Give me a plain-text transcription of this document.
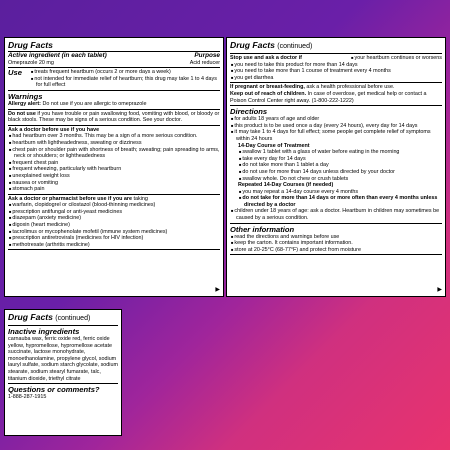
Drug Facts
Active ingredient (in each tablet)	Purpose
Omeprazole 20 mg	Acid reducer
Use	■ treats frequent heartburn (occurs 2 or more days a week)
■ not intended for immediate relief of heartburn; this drug may take 1 to 4 days for full effect
Warnings
Allergy alert: Do not use if you are allergic to omeprazole
Do not use if you have trouble or pain swallowing food, vomiting with blood, or bloody or black stools. These may be signs of a serious condition. See your doctor.
Ask a doctor before use if you have
■ had heartburn over 3 months. This may be a sign of a more serious condition.
■ heartburn with lightheadedness, sweating or dizziness
■ chest pain or shoulder pain with shortness of breath; sweating; pain spreading to arms, neck or shoulders; or lightheadedness
■ frequent chest pain
■ frequent wheezing, particularly with heartburn
■ unexplained weight loss
■ nausea or vomiting
■ stomach pain
Ask a doctor or pharmacist before use if you are taking
■ warfarin, clopidogrel or cilostazol (blood-thinning medicines)
■ prescription antifungal or anti-yeast medicines
■ diazepam (anxiety medicine)
■ digoxin (heart medicine)
■ tacrolimus or mycophenolate mofetil (immune system medicines)
■ prescription antiretrovirals (medicines for HIV infection)
■ methotrexate (arthritis medicine)
▶
Drug Facts (continued)
Stop use and ask a doctor if	■ your heartburn continues or worsens
■ you need to take this product for more than 14 days
■ you need to take more than 1 course of treatment every 4 months
■ you get diarrhea
If pregnant or breast-feeding, ask a health professional before use.
Keep out of reach of children. In case of overdose, get medical help or contact a Poison Control Center right away. (1-800-222-1222)
Directions
■ for adults 18 years of age and older
■ this product is to be used once a day (every 24 hours), every day for 14 days
■ it may take 1 to 4 days for full effect; some people get complete relief of symptoms within 24 hours
14-Day Course of Treatment
■ swallow 1 tablet with a glass of water before eating in the morning
■ take every day for 14 days
■ do not take more than 1 tablet a day
■ do not use for more than 14 days unless directed by your doctor
■ swallow whole. Do not chew or crush tablets
Repeated 14-Day Courses (if needed)
■ you may repeat a 14-day course every 4 months
■ do not take for more than 14 days or more often than every 4 months unless directed by a doctor
■ children under 18 years of age: ask a doctor. Heartburn in children may sometimes be caused by a serious condition.
Other information
■ read the directions and warnings before use
■ keep the carton. It contains important information.
■ store at 20-25°C (68-77°F) and protect from moisture
▶
Drug Facts (continued)
Inactive ingredients
carnauba wax, ferric oxide red, ferric oxide yellow, hypromellose, hypromellose acetate succinate, lactose monohydrate, monoethanolamine, propylene glycol, sodium lauryl sulfate, sodium starch glycolate, sodium stearate, sodium stearyl fumarate, talc, titanium dioxide, triethyl citrate
Questions or comments?
1-888-287-1915
